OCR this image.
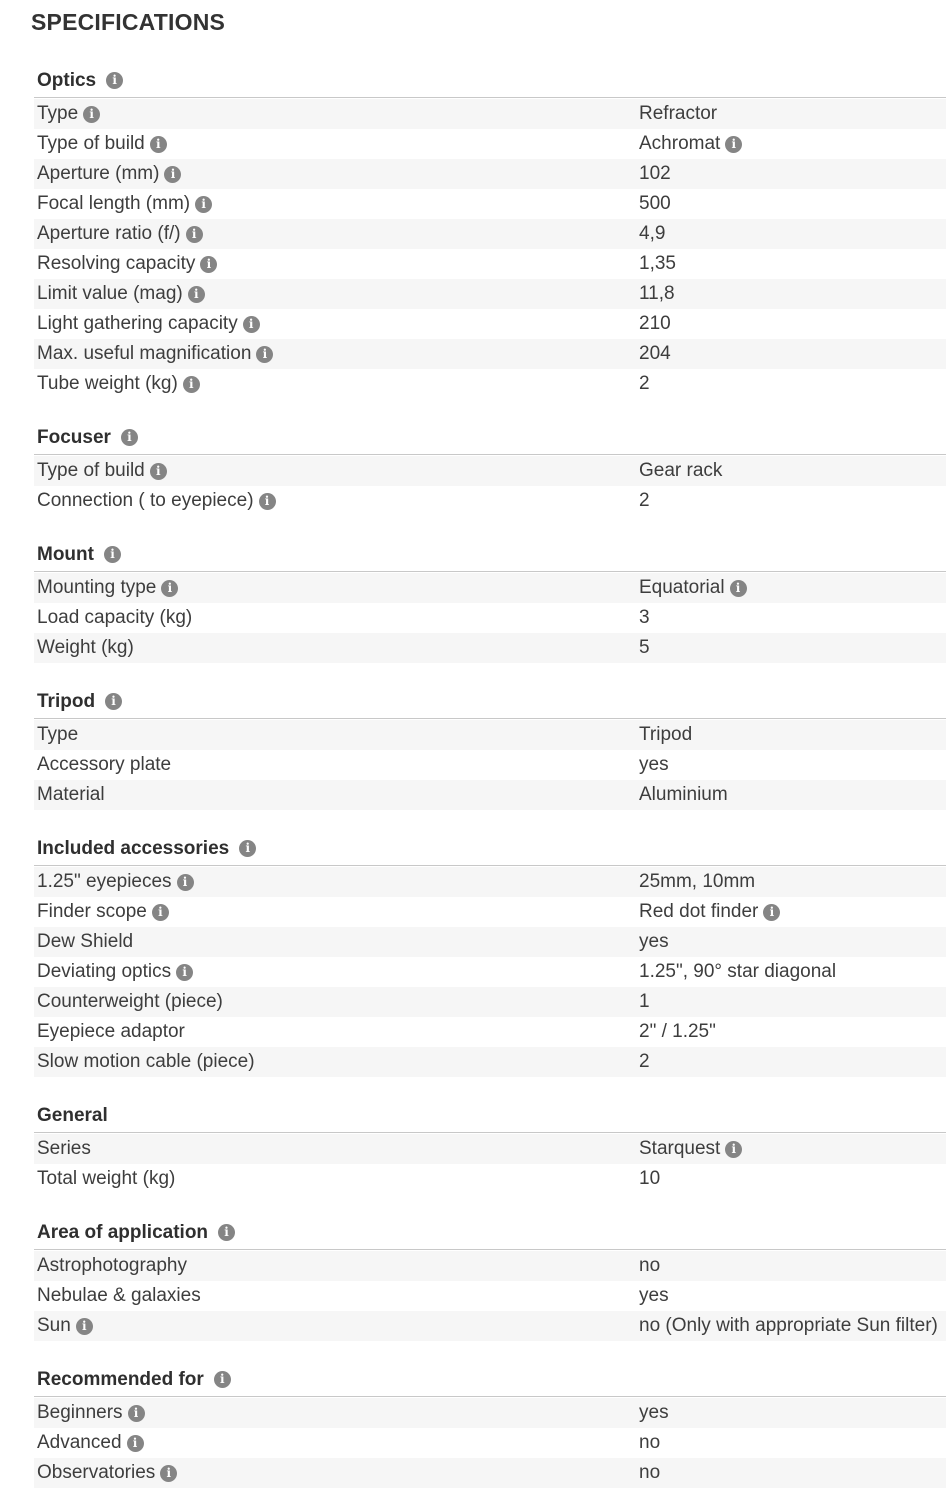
SPECIFICATIONS
Optics	i
Type i	Refractor
Type of build i	Achromat i
Aperture (mm) i	102
Focal length (mm) i	500
Aperture ratio (f/) i	4,9
Resolving capacity i	1,35
Limit value (mag) i	11,8
Light gathering capacity i	210
Max. useful magnification i	204
Tube weight (kg) i	2
Focuser	i
Type of build i	Gear rack
Connection ( to eyepiece) i	2
Mount	i
Mounting type i	Equatorial i
Load capacity (kg)	3
Weight (kg)	5
Tripod	i
Type	Tripod
Accessory plate	yes
Material	Aluminium
Included accessories	i
1.25" eyepieces i	25mm, 10mm
Finder scope i	Red dot finder i
Dew Shield	yes
Deviating optics i	1.25", 90° star diagonal
Counterweight (piece)	1
Eyepiece adaptor	2" / 1.25"
Slow motion cable (piece)	2
General
Series	Starquest i
Total weight (kg)	10
Area of application	i
Astrophotography	no
Nebulae & galaxies	yes
Sun i	no (Only with appropriate Sun filter)
Recommended for	i
Beginners i	yes
Advanced i	no
Observatories i	no
